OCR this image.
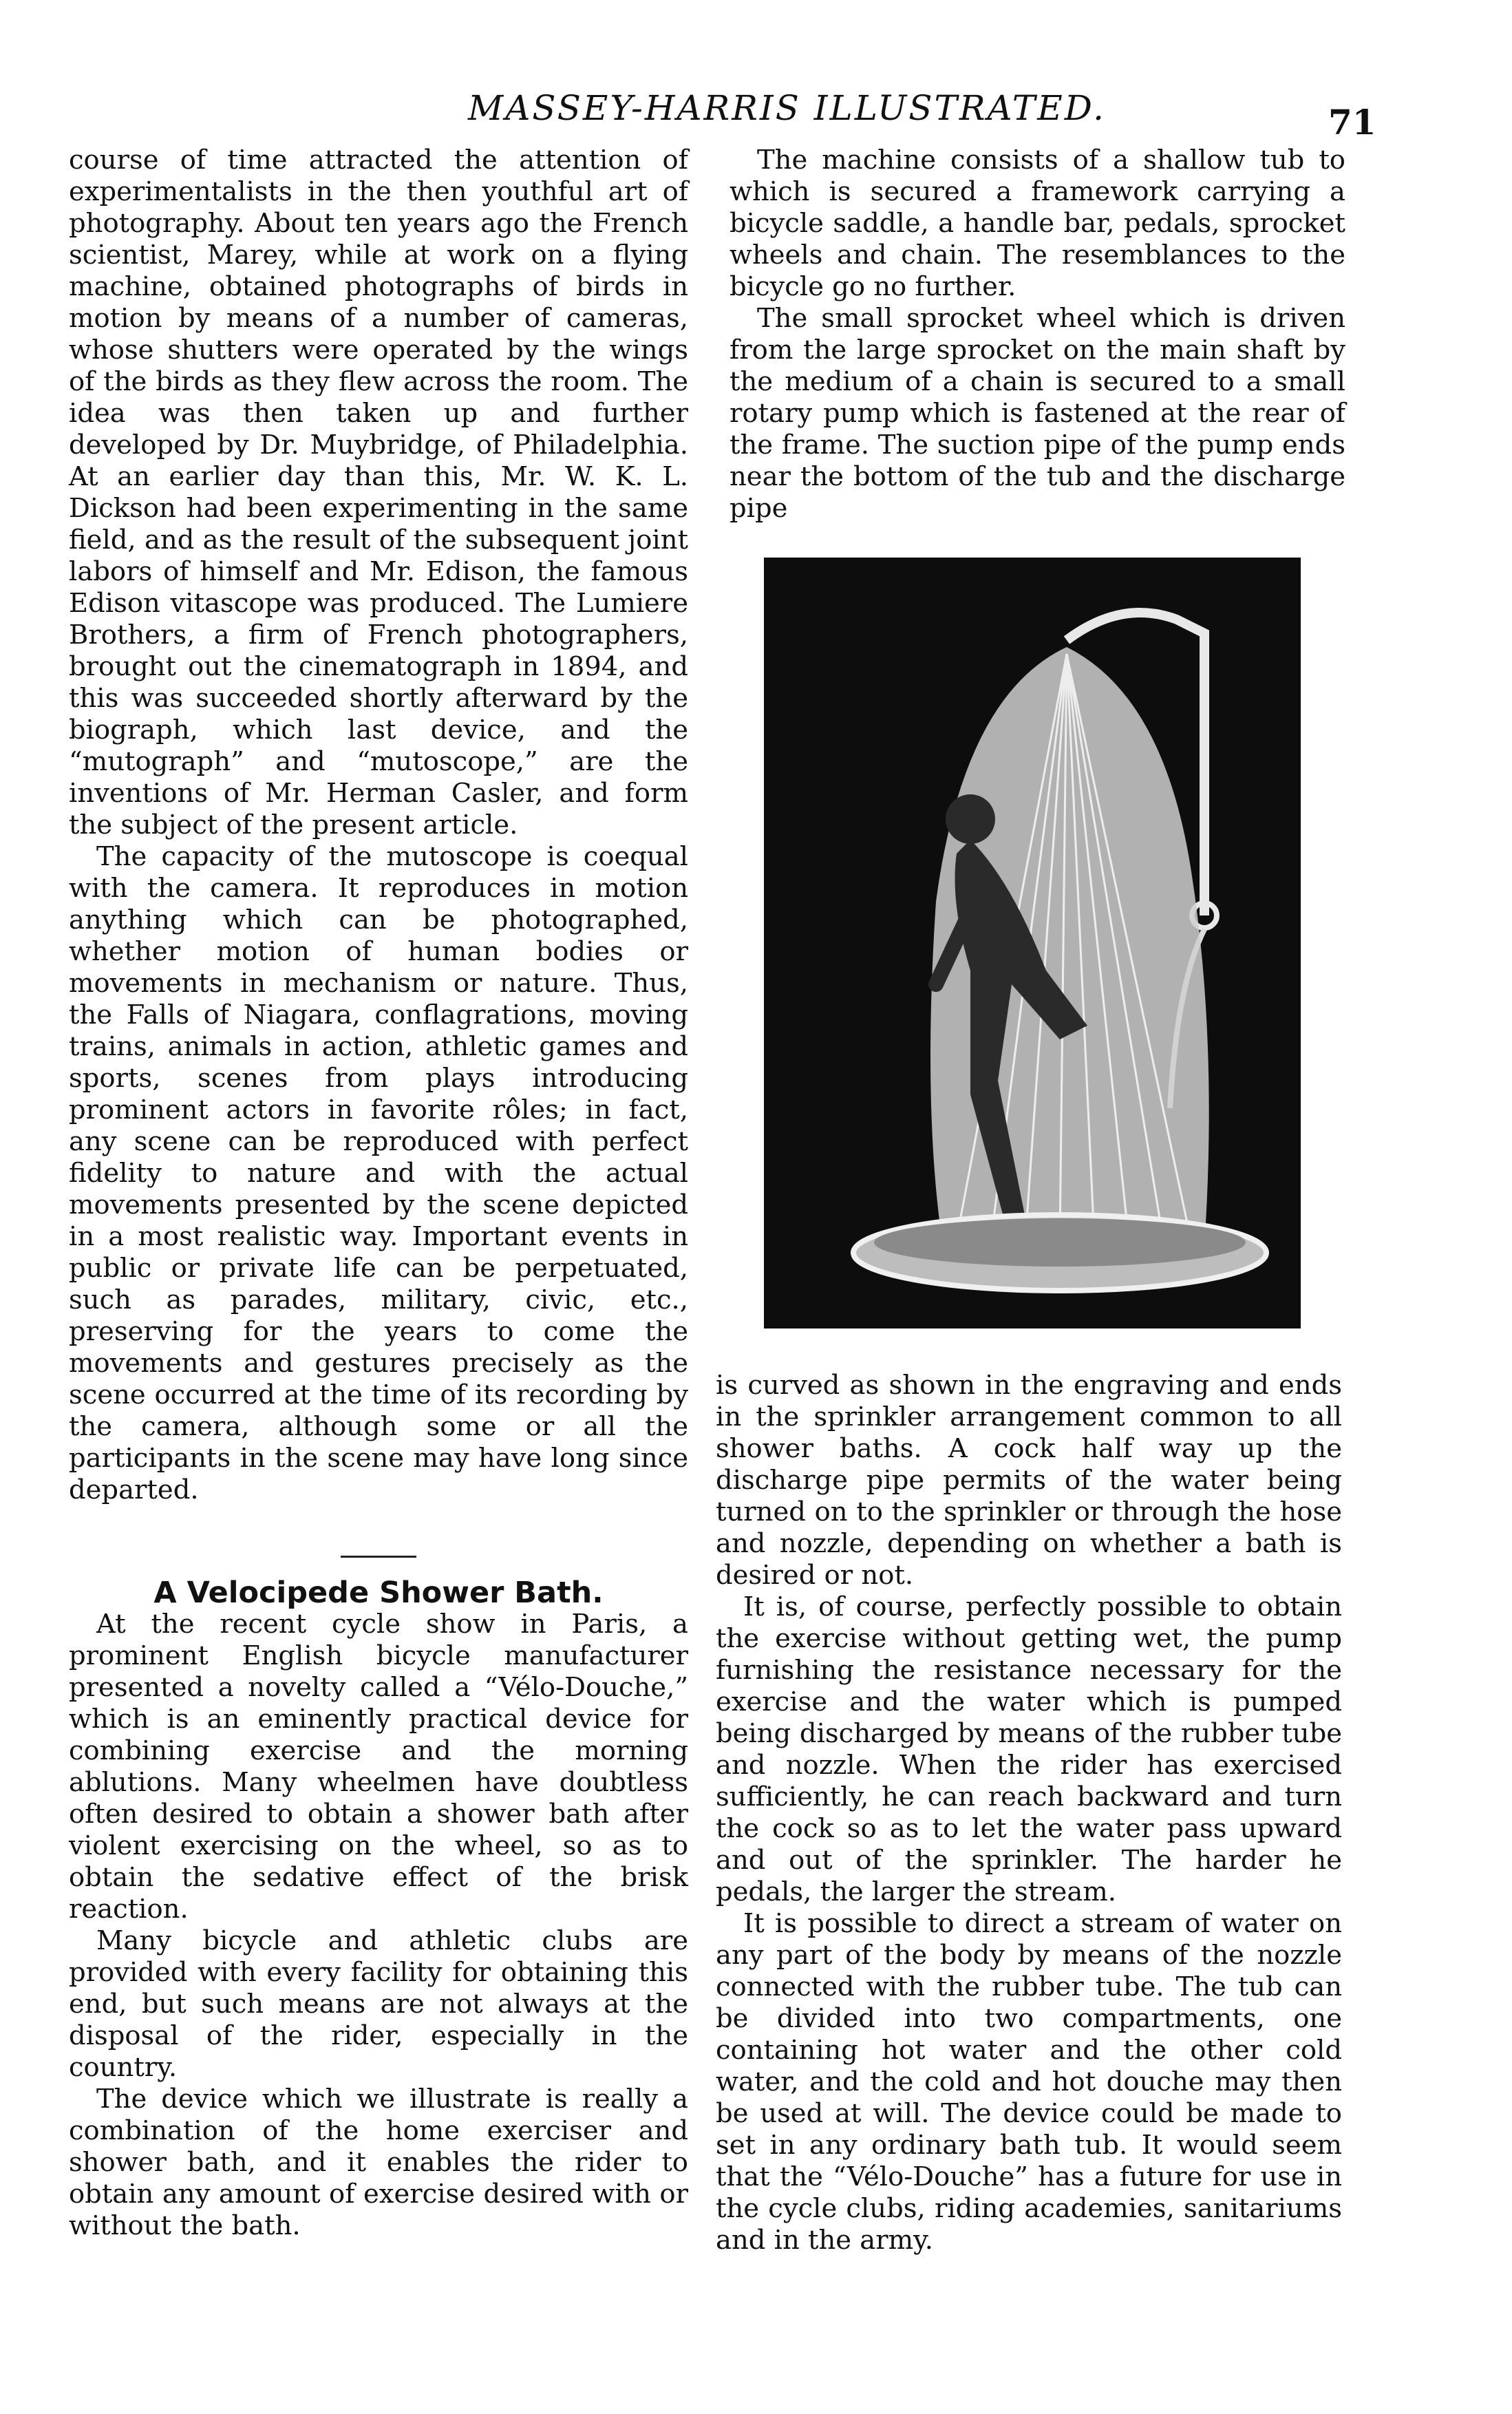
MASSEY-HARRIS ILLUSTRATED.	71

course of time attracted the attention of experimentalists in the then youthful art of photography. About ten years ago the French scientist, Marey, while at work on a flying machine, obtained photographs of birds in motion by means of a number of cameras, whose shutters were operated by the wings of the birds as they flew across the room. The idea was then taken up and further developed by Dr. Muybridge, of Philadelphia. At an earlier day than this, Mr. W. K. L. Dickson had been experimenting in the same field, and as the result of the subsequent joint labors of himself and Mr. Edison, the famous Edison vitascope was produced. The Lumiere Brothers, a firm of French photographers, brought out the cinematograph in 1894, and this was succeeded shortly afterward by the biograph, which last device, and the “mutograph” and “mutoscope,” are the inventions of Mr. Herman Casler, and form the subject of the present article.

The capacity of the mutoscope is coequal with the camera. It reproduces in motion anything which can be photographed, whether motion of human bodies or movements in mechanism or nature. Thus, the Falls of Niagara, conflagrations, moving trains, animals in action, athletic games and sports, scenes from plays introducing prominent actors in favorite rôles; in fact, any scene can be reproduced with perfect fidelity to nature and with the actual movements presented by the scene depicted in a most realistic way. Important events in public or private life can be perpetuated, such as parades, military, civic, etc., preserving for the years to come the movements and gestures precisely as the scene occurred at the time of its recording by the camera, although some or all the participants in the scene may have long since departed.

A Velocipede Shower Bath.

At the recent cycle show in Paris, a prominent English bicycle manufacturer presented a novelty called a “Vélo-Douche,” which is an eminently practical device for combining exercise and the morning ablutions. Many wheelmen have doubtless often desired to obtain a shower bath after violent exercising on the wheel, so as to obtain the sedative effect of the brisk reaction.

Many bicycle and athletic clubs are provided with every facility for obtaining this end, but such means are not always at the disposal of the rider, especially in the country.

The device which we illustrate is really a combination of the home exerciser and shower bath, and it enables the rider to obtain any amount of exercise desired with or without the bath.

The machine consists of a shallow tub to which is secured a framework carrying a bicycle saddle, a handle bar, pedals, sprocket wheels and chain. The resemblances to the bicycle go no further.

The small sprocket wheel which is driven from the large sprocket on the main shaft by the medium of a chain is secured to a small rotary pump which is fastened at the rear of the frame. The suction pipe of the pump ends near the bottom of the tub and the discharge pipe

is curved as shown in the engraving and ends in the sprinkler arrangement common to all shower baths. A cock half way up the discharge pipe permits of the water being turned on to the sprinkler or through the hose and nozzle, depending on whether a bath is desired or not.

It is, of course, perfectly possible to obtain the exercise without getting wet, the pump furnishing the resistance necessary for the exercise and the water which is pumped being discharged by means of the rubber tube and nozzle. When the rider has exercised sufficiently, he can reach backward and turn the cock so as to let the water pass upward and out of the sprinkler. The harder he pedals, the larger the stream.

It is possible to direct a stream of water on any part of the body by means of the nozzle connected with the rubber tube. The tub can be divided into two compartments, one containing hot water and the other cold water, and the cold and hot douche may then be used at will. The device could be made to set in any ordinary bath tub. It would seem that the “Vélo-Douche” has a future for use in the cycle clubs, riding academies, sanitariums and in the army.
